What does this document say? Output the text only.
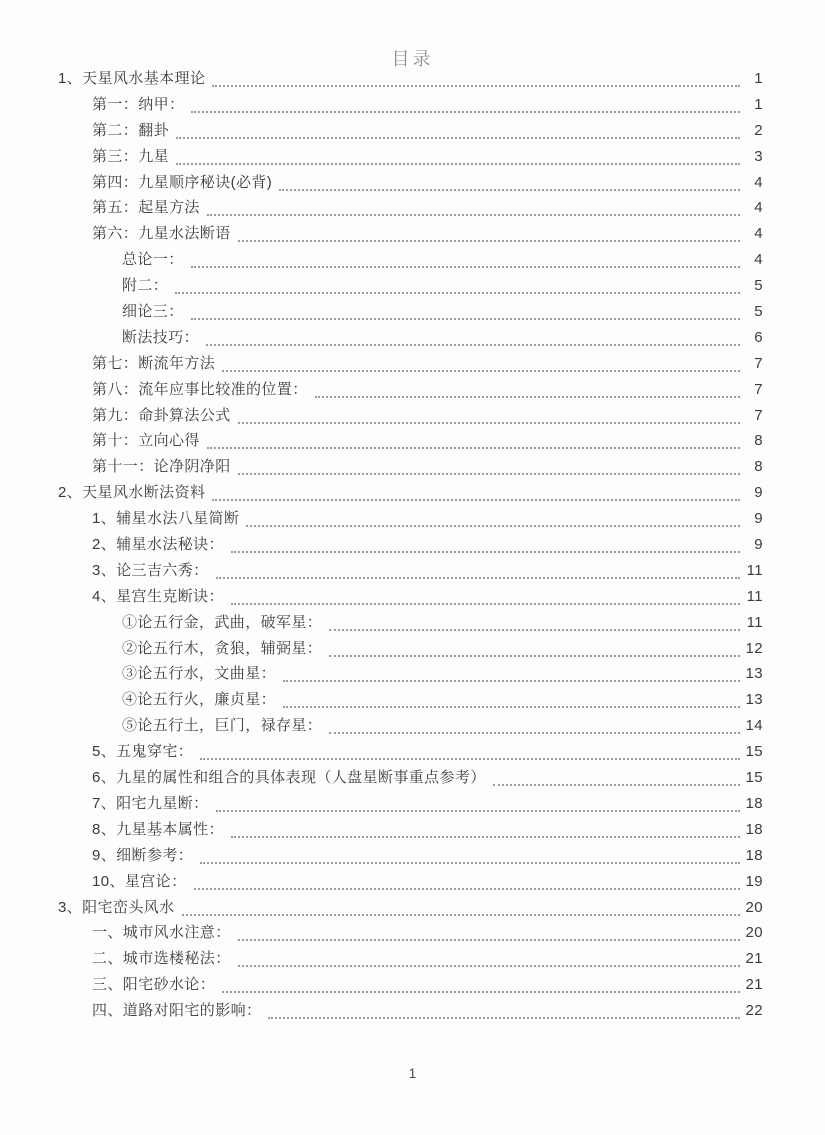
目录
1、天星风水基本理论	1
第一：纳甲：	1
第二：翻卦	2
第三：九星	3
第四：九星顺序秘诀(必背)	4
第五：起星方法	4
第六：九星水法断语	4
总论一：	4
附二：	5
细论三：	5
断法技巧：	6
第七：断流年方法	7
第八：流年应事比较准的位置：	7
第九：命卦算法公式	7
第十：立向心得	8
第十一：论净阴净阳	8
2、天星风水断法资料	9
1、辅星水法八星简断	9
2、辅星水法秘诀：	9
3、论三吉六秀：	11
4、星宫生克断诀：	11
①论五行金，武曲，破军星：	11
②论五行木，贪狼，辅弼星：	12
③论五行水，文曲星：	13
④论五行火，廉贞星：	13
⑤论五行土，巨门，禄存星：	14
5、五鬼穿宅：	15
6、九星的属性和组合的具体表现（人盘星断事重点参考）	15
7、阳宅九星断：	18
8、九星基本属性：	18
9、细断参考：	18
10、星宫论：	19
3、阳宅峦头风水	20
一、城市风水注意：	20
二、城市选楼秘法：	21
三、阳宅砂水论：	21
四、道路对阳宅的影响：	22
1
